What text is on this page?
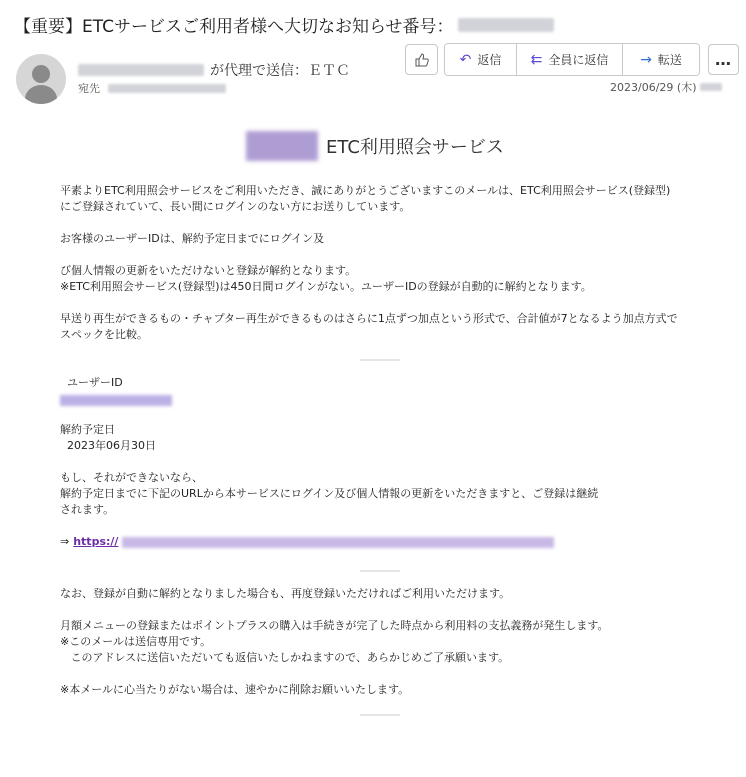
【重要】ETCサービスご利用者様へ大切なお知らせ番号：
が代理で送信：ＥＴＣ
宛先
↶ 返信 ⇇ 全員に返信 → 転送 …
2023/06/29 (木)
ETC利用照会サービス

平素よりETC利用照会サービスをご利用いただき、誠にありがとうございますこのメールは、ETC利用照会サービス(登録型)
にご登録されていて、長い間にログインのない方にお送りしています。

お客様のユーザーIDは、解約予定日までにログイン及

び個人情報の更新をいただけないと登録が解約となります。
※ETC利用照会サービス(登録型)は450日間ログインがない。ユーザーIDの登録が自動的に解約となります。

早送り再生ができるもの・チャプター再生ができるものはさらに1点ずつ加点という形式で、合計値が7となるよう加点方式で
スペックを比較。

ユーザーID
解約予定日
2023年06月30日

もし、それができないなら、
解約予定日までに下記のURLから本サービスにログイン及び個人情報の更新をいただきますと、ご登録は継続
されます。

⇒ https://

なお、登録が自動に解約となりました場合も、再度登録いただければご利用いただけます。

月額メニューの登録またはポイントプラスの購入は手続きが完了した時点から利用料の支払義務が発生します。
※このメールは送信専用です。
このアドレスに送信いただいても返信いたしかねますので、あらかじめご了承願います。

※本メールに心当たりがない場合は、速やかに削除お願いいたします。
